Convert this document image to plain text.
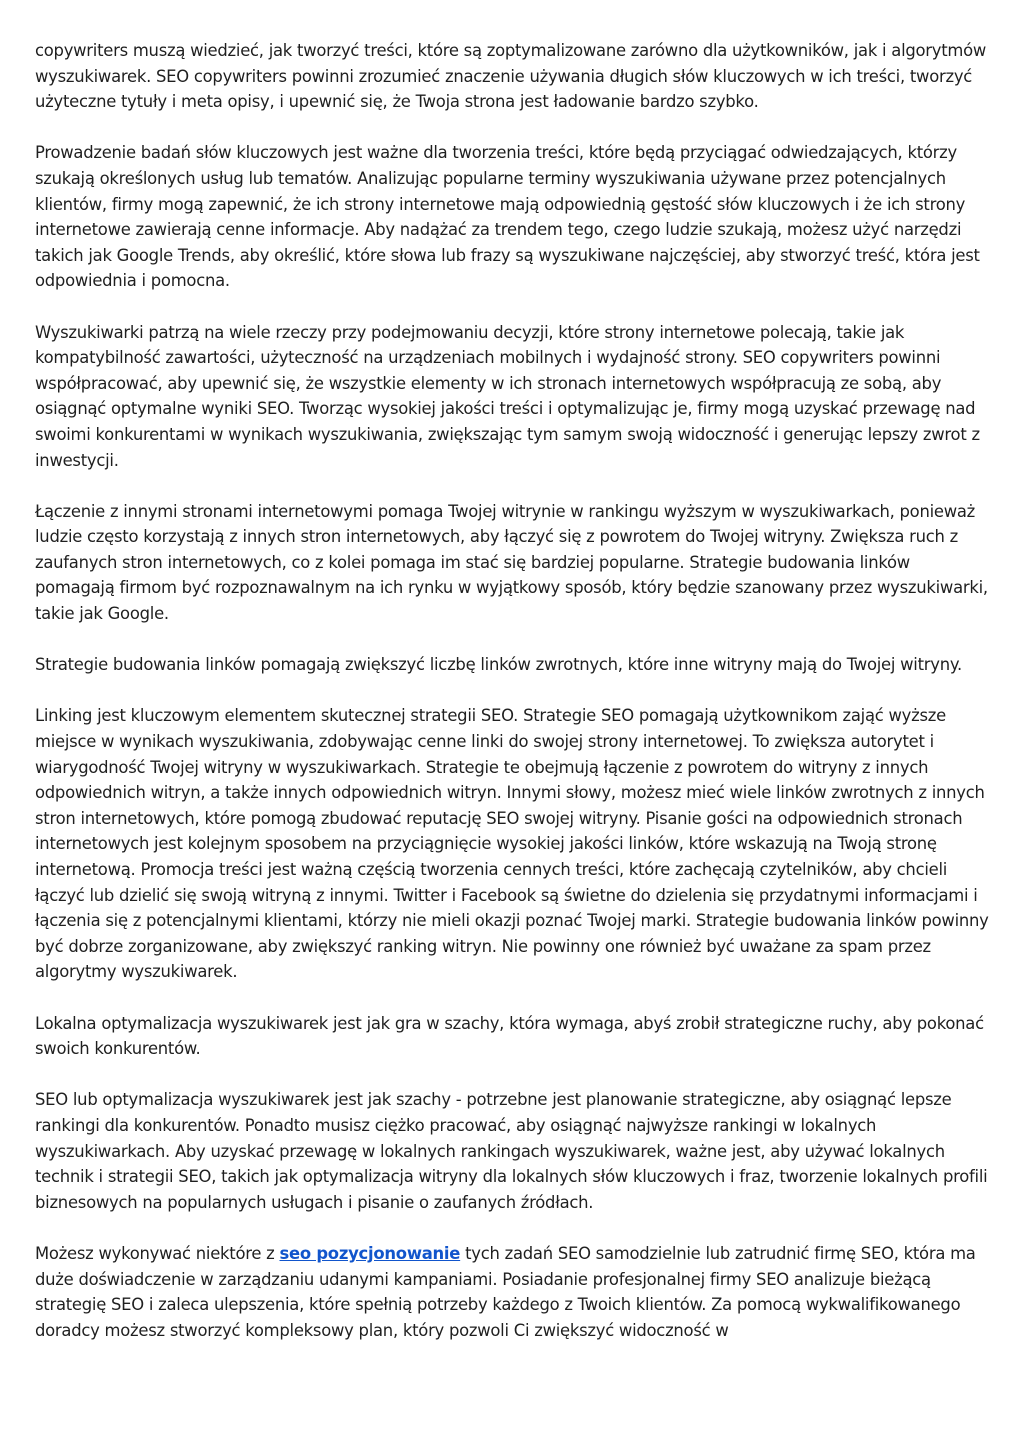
copywriters muszą wiedzieć, jak tworzyć treści, które są zoptymalizowane zarówno dla użytkowników, jak i algorytmów wyszukiwarek. SEO copywriters powinni zrozumieć znaczenie używania długich słów kluczowych w ich treści, tworzyć użyteczne tytuły i meta opisy, i upewnić się, że Twoja strona jest ładowanie bardzo szybko.

Prowadzenie badań słów kluczowych jest ważne dla tworzenia treści, które będą przyciągać odwiedzających, którzy szukają określonych usług lub tematów. Analizując popularne terminy wyszukiwania używane przez potencjalnych klientów, firmy mogą zapewnić, że ich strony internetowe mają odpowiednią gęstość słów kluczowych i że ich strony internetowe zawierają cenne informacje. Aby nadążać za trendem tego, czego ludzie szukają, możesz użyć narzędzi takich jak Google Trends, aby określić, które słowa lub frazy są wyszukiwane najczęściej, aby stworzyć treść, która jest odpowiednia i pomocna.

Wyszukiwarki patrzą na wiele rzeczy przy podejmowaniu decyzji, które strony internetowe polecają, takie jak kompatybilność zawartości, użyteczność na urządzeniach mobilnych i wydajność strony. SEO copywriters powinni współpracować, aby upewnić się, że wszystkie elementy w ich stronach internetowych współpracują ze sobą, aby osiągnąć optymalne wyniki SEO. Tworząc wysokiej jakości treści i optymalizując je, firmy mogą uzyskać przewagę nad swoimi konkurentami w wynikach wyszukiwania, zwiększając tym samym swoją widoczność i generując lepszy zwrot z inwestycji.

Łączenie z innymi stronami internetowymi pomaga Twojej witrynie w rankingu wyższym w wyszukiwarkach, ponieważ ludzie często korzystają z innych stron internetowych, aby łączyć się z powrotem do Twojej witryny. Zwiększa ruch z zaufanych stron internetowych, co z kolei pomaga im stać się bardziej popularne. Strategie budowania linków pomagają firmom być rozpoznawalnym na ich rynku w wyjątkowy sposób, który będzie szanowany przez wyszukiwarki, takie jak Google.

Strategie budowania linków pomagają zwiększyć liczbę linków zwrotnych, które inne witryny mają do Twojej witryny.

Linking jest kluczowym elementem skutecznej strategii SEO. Strategie SEO pomagają użytkownikom zająć wyższe miejsce w wynikach wyszukiwania, zdobywając cenne linki do swojej strony internetowej. To zwiększa autorytet i wiarygodność Twojej witryny w wyszukiwarkach. Strategie te obejmują łączenie z powrotem do witryny z innych odpowiednich witryn, a także innych odpowiednich witryn. Innymi słowy, możesz mieć wiele linków zwrotnych z innych stron internetowych, które pomogą zbudować reputację SEO swojej witryny. Pisanie gości na odpowiednich stronach internetowych jest kolejnym sposobem na przyciągnięcie wysokiej jakości linków, które wskazują na Twoją stronę internetową. Promocja treści jest ważną częścią tworzenia cennych treści, które zachęcają czytelników, aby chcieli łączyć lub dzielić się swoją witryną z innymi. Twitter i Facebook są świetne do dzielenia się przydatnymi informacjami i łączenia się z potencjalnymi klientami, którzy nie mieli okazji poznać Twojej marki. Strategie budowania linków powinny być dobrze zorganizowane, aby zwiększyć ranking witryn. Nie powinny one również być uważane za spam przez algorytmy wyszukiwarek.

Lokalna optymalizacja wyszukiwarek jest jak gra w szachy, która wymaga, abyś zrobił strategiczne ruchy, aby pokonać swoich konkurentów.

SEO lub optymalizacja wyszukiwarek jest jak szachy - potrzebne jest planowanie strategiczne, aby osiągnąć lepsze rankingi dla konkurentów. Ponadto musisz ciężko pracować, aby osiągnąć najwyższe rankingi w lokalnych wyszukiwarkach. Aby uzyskać przewagę w lokalnych rankingach wyszukiwarek, ważne jest, aby używać lokalnych technik i strategii SEO, takich jak optymalizacja witryny dla lokalnych słów kluczowych i fraz, tworzenie lokalnych profili biznesowych na popularnych usługach i pisanie o zaufanych źródłach.

Możesz wykonywać niektóre z seo pozycjonowanie tych zadań SEO samodzielnie lub zatrudnić firmę SEO, która ma duże doświadczenie w zarządzaniu udanymi kampaniami. Posiadanie profesjonalnej firmy SEO analizuje bieżącą strategię SEO i zaleca ulepszenia, które spełnią potrzeby każdego z Twoich klientów. Za pomocą wykwalifikowanego doradcy możesz stworzyć kompleksowy plan, który pozwoli Ci zwiększyć widoczność w
